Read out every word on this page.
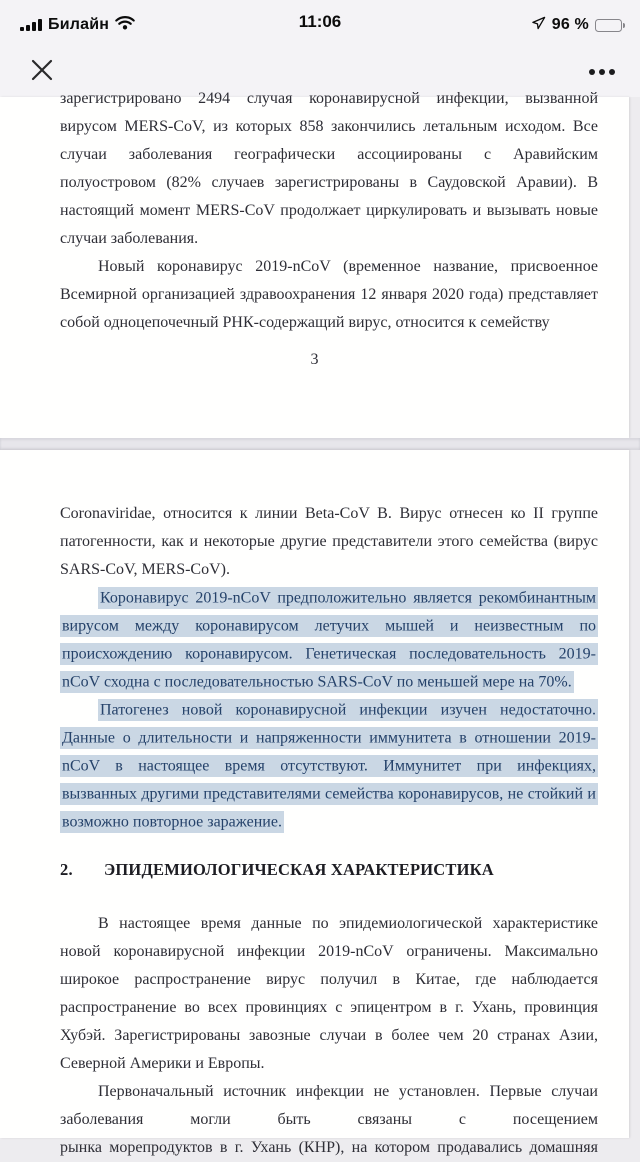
Билайн	11:06	96 %
зарегистрировано 2494 случая коронавирусной инфекции, вызванной
вирусом MERS-CoV, из которых 858 закончились летальным исходом. Все
случаи заболевания географически ассоциированы с Аравийским
полуостровом (82% случаев зарегистрированы в Саудовской Аравии). В
настоящий момент MERS-CoV продолжает циркулировать и вызывать новые
случаи заболевания.
Новый коронавирус 2019-nCoV (временное название, присвоенное
Всемирной организацией здравоохранения 12 января 2020 года) представляет
собой одноцепочечный РНК-содержащий вирус, относится к семейству
3
Coronaviridae, относится к линии Beta-CoV B. Вирус отнесен ко II группе
патогенности, как и некоторые другие представители этого семейства (вирус
SARS-CoV, MERS-CoV).
Коронавирус 2019-nCoV предположительно является рекомбинантным
вирусом между коронавирусом летучих мышей и неизвестным по
происхождению коронавирусом. Генетическая последовательность 2019-
nCoV сходна с последовательностью SARS-CoV по меньшей мере на 70%.
Патогенез новой коронавирусной инфекции изучен недостаточно.
Данные о длительности и напряженности иммунитета в отношении 2019-
nCoV в настоящее время отсутствуют. Иммунитет при инфекциях,
вызванных другими представителями семейства коронавирусов, не стойкий и
возможно повторное заражение.
2.	ЭПИДЕМИОЛОГИЧЕСКАЯ ХАРАКТЕРИСТИКА
В настоящее время данные по эпидемиологической характеристике
новой коронавирусной инфекции 2019-nCoV ограничены. Максимально
широкое распространение вирус получил в Китае, где наблюдается
распространение во всех провинциях с эпицентром в г. Ухань, провинция
Хубэй. Зарегистрированы завозные случаи в более чем 20 странах Азии,
Северной Америки и Европы.
Первоначальный источник инфекции не установлен. Первые случаи
заболевания могли быть связаны с посещением
рынка морепродуктов в г. Ухань (КНР), на котором продавались домашняя
